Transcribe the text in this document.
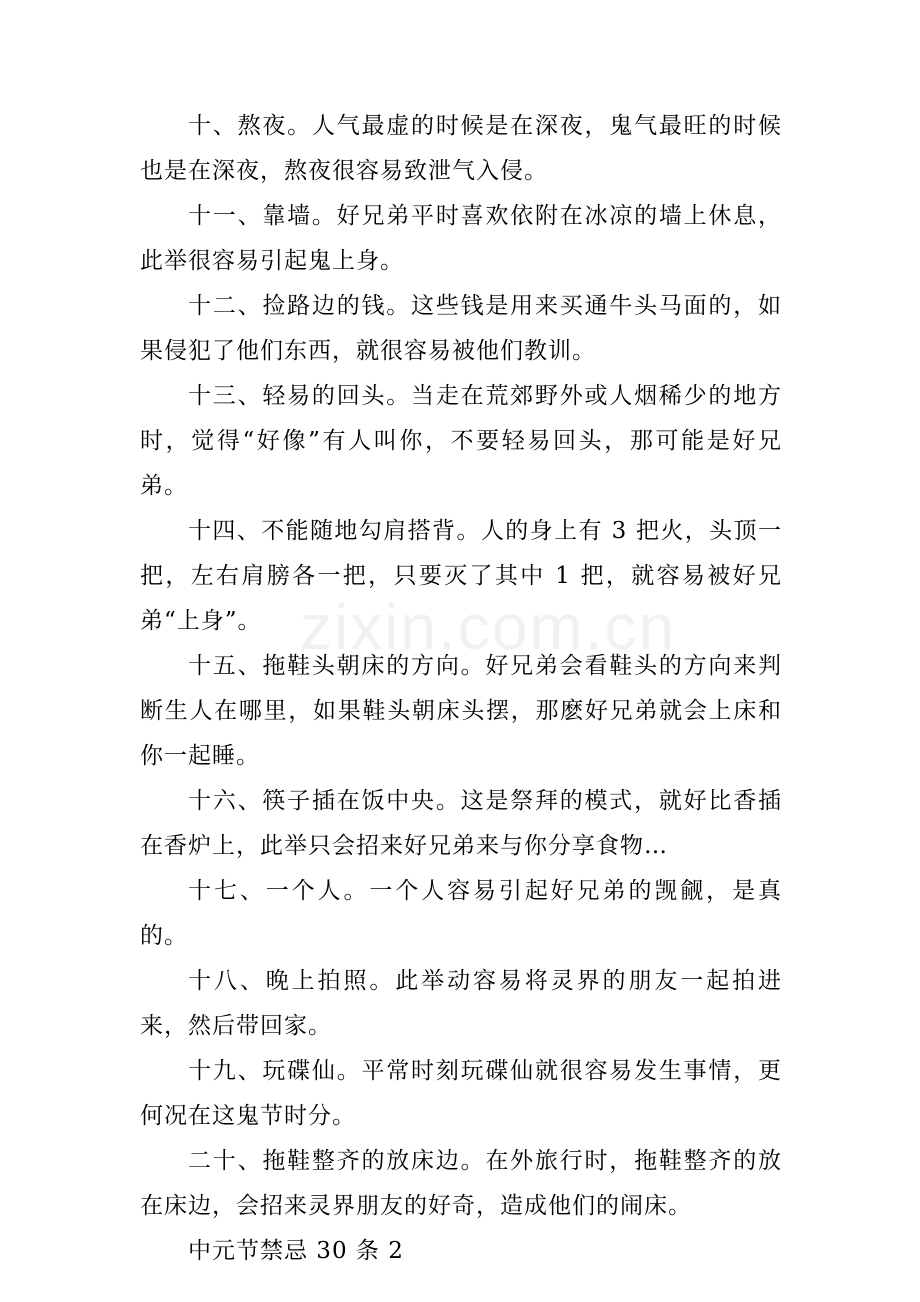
十、熬夜。人气最虚的时候是在深夜，鬼气最旺的时候也是在深夜，熬夜很容易致泄气入侵。

十一、靠墙。好兄弟平时喜欢依附在冰凉的墙上休息，此举很容易引起鬼上身。

十二、捡路边的钱。这些钱是用来买通牛头马面的，如果侵犯了他们东西，就很容易被他们教训。

十三、轻易的回头。当走在荒郊野外或人烟稀少的地方时，觉得“好像”有人叫你，不要轻易回头，那可能是好兄弟。

十四、不能随地勾肩搭背。人的身上有 3 把火，头顶一把，左右肩膀各一把，只要灭了其中 1 把，就容易被好兄弟“上身”。

十五、拖鞋头朝床的方向。好兄弟会看鞋头的方向来判断生人在哪里，如果鞋头朝床头摆，那麽好兄弟就会上床和你一起睡。

十六、筷子插在饭中央。这是祭拜的模式，就好比香插在香炉上，此举只会招来好兄弟来与你分享食物…

十七、一个人。一个人容易引起好兄弟的觊觎，是真的。

十八、晚上拍照。此举动容易将灵界的朋友一起拍进来，然后带回家。

十九、玩碟仙。平常时刻玩碟仙就很容易发生事情，更何况在这鬼节时分。

二十、拖鞋整齐的放床边。在外旅行时，拖鞋整齐的放在床边，会招来灵界朋友的好奇，造成他们的闹床。

中元节禁忌 30 条 2

zixin.com.cn
